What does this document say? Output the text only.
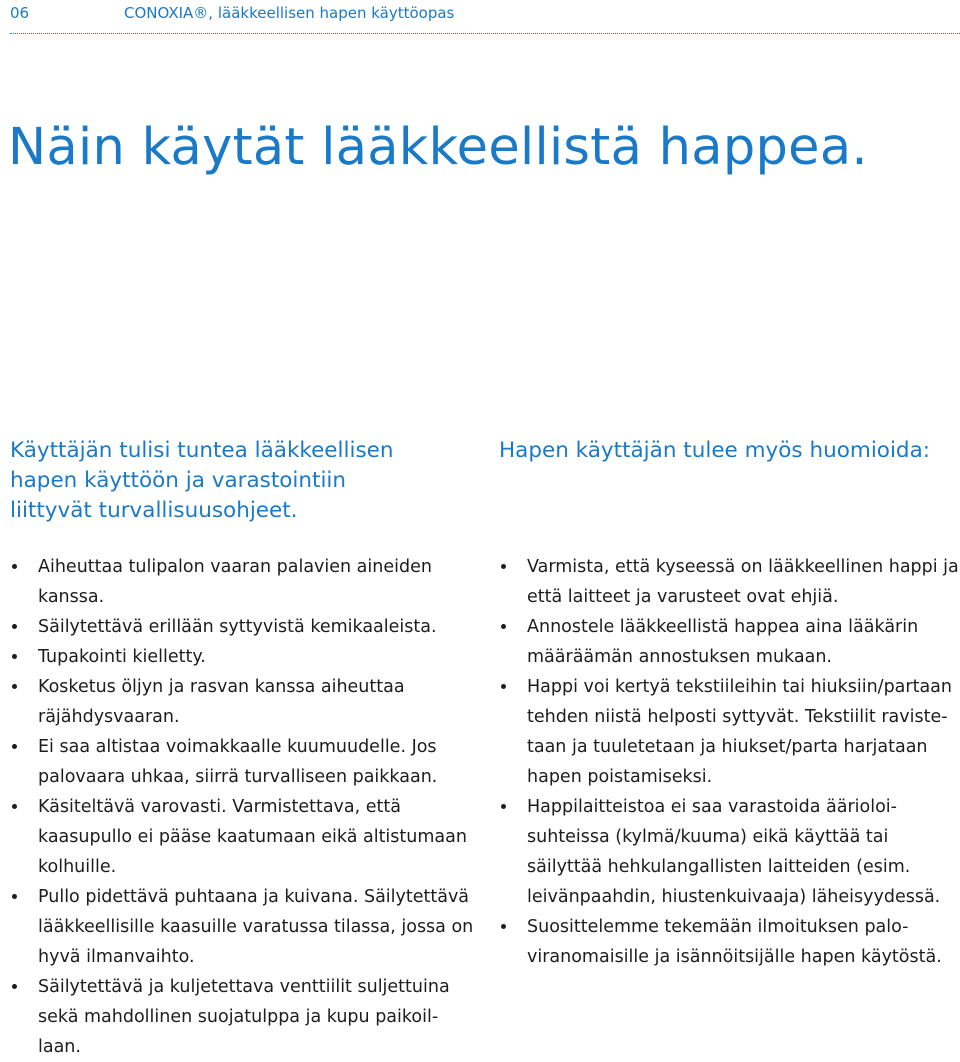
06	CONOXIA®, lääkkeellisen hapen käyttöopas
Näin käytät lääkkeellistä happea.
Käyttäjän tulisi tuntea lääkkeellisen hapen käyttöön ja varastointiin liittyvät turvallisuusohjeet.
Aiheuttaa tulipalon vaaran palavien aineiden kanssa.
Säilytettävä erillään syttyvistä kemikaaleista.
Tupakointi kielletty.
Kosketus öljyn ja rasvan kanssa aiheuttaa räjähdysvaaran.
Ei saa altistaa voimakkaalle kuumuudelle. Jos palovaara uhkaa, siirrä turvalliseen paikkaan.
Käsiteltävä varovasti. Varmistettava, että kaasupullo ei pääse kaatumaan eikä altistumaan kolhuille.
Pullo pidettävä puhtaana ja kuivana. Säilytettävä lääkkeellisille kaasuille varatussa tilassa, jossa on hyvä ilmanvaihto.
Säilytettävä ja kuljetettava venttiilit suljettuina sekä mahdollinen suojatulppa ja kupu paikoil-laan.
Hapen käyttäjän tulee myös huomioida:
Varmista, että kyseessä on lääkkeellinen happi ja että laitteet ja varusteet ovat ehjiä.
Annostele lääkkeellistä happea aina lääkärin määräämän annostuksen mukaan.
Happi voi kertyä tekstiileihin tai hiuksiin/partaan tehden niistä helposti syttyvät. Tekstiilit raviste-taan ja tuuletetaan ja hiukset/parta harjataan hapen poistamiseksi.
Happilaitteistoa ei saa varastoida äärioloi-suhteissa (kylmä/kuuma) eikä käyttää tai säilyttää hehkulangallisten laitteiden (esim. leivänpaahdin, hiustenkuivaaja) läheisyydessä.
Suosittelemme tekemään ilmoituksen palo-viranomaisille ja isännöitsijälle hapen käytöstä.
